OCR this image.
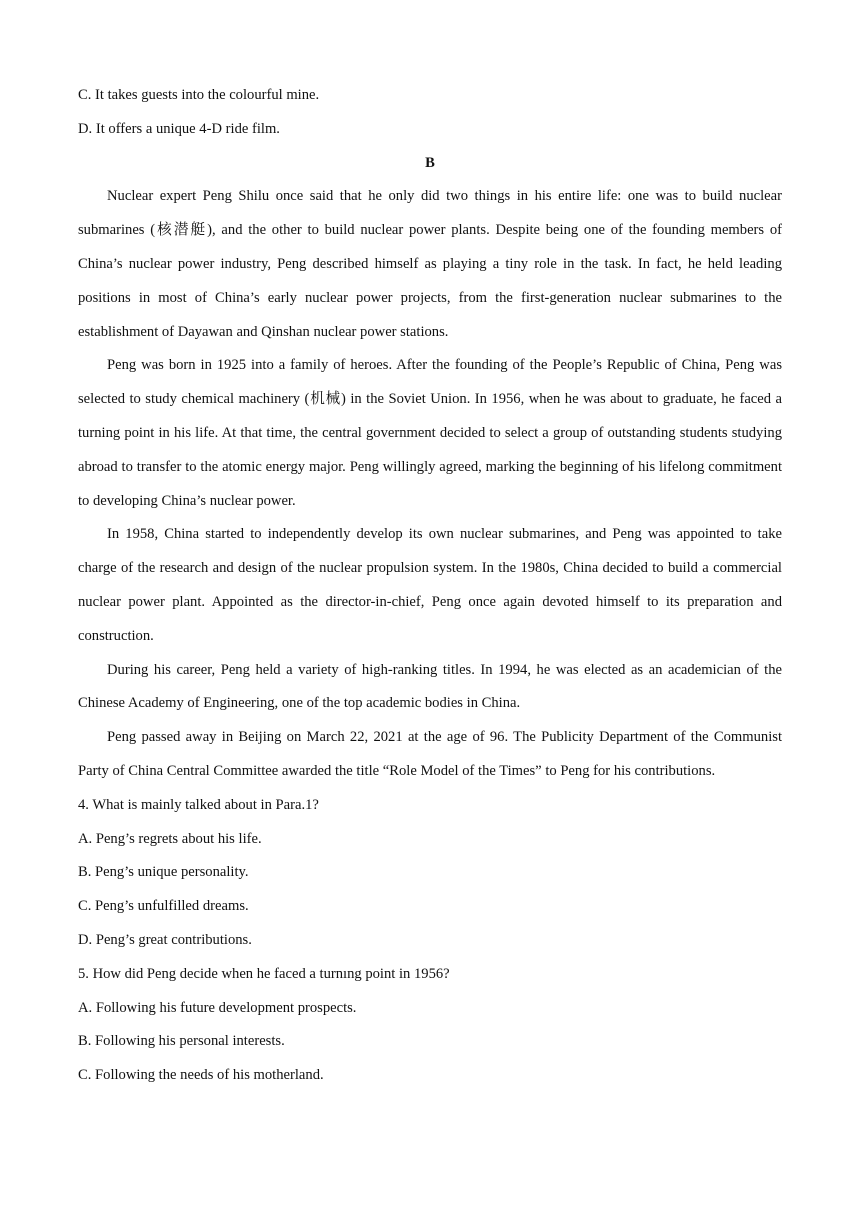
C. It takes guests into the colourful mine.

D. It offers a unique 4-D ride film.

B

Nuclear expert Peng Shilu once said that he only did two things in his entire life: one was to build nuclear submarines (核潜艇), and the other to build nuclear power plants. Despite being one of the founding members of China’s nuclear power industry, Peng described himself as playing a tiny role in the task. In fact, he held leading positions in most of China’s early nuclear power projects, from the first-generation nuclear submarines to the establishment of Dayawan and Qinshan nuclear power stations.

Peng was born in 1925 into a family of heroes. After the founding of the People’s Republic of China, Peng was selected to study chemical machinery (机械) in the Soviet Union. In 1956, when he was about to graduate, he faced a turning point in his life. At that time, the central government decided to select a group of outstanding students studying abroad to transfer to the atomic energy major. Peng willingly agreed, marking the beginning of his lifelong commitment to developing China’s nuclear power.

In 1958, China started to independently develop its own nuclear submarines, and Peng was appointed to take charge of the research and design of the nuclear propulsion system. In the 1980s, China decided to build a commercial nuclear power plant. Appointed as the director-in-chief, Peng once again devoted himself to its preparation and construction.

During his career, Peng held a variety of high-ranking titles. In 1994, he was elected as an academician of the Chinese Academy of Engineering, one of the top academic bodies in China.

Peng passed away in Beijing on March 22, 2021 at the age of 96. The Publicity Department of the Communist Party of China Central Committee awarded the title “Role Model of the Times” to Peng for his contributions.

4. What is mainly talked about in Para.1?

A. Peng’s regrets about his life.

B. Peng’s unique personality.

C. Peng’s unfulfilled dreams.

D. Peng’s great contributions.

5. How did Peng decide when he faced a turnıng point in 1956?

A. Following his future development prospects.

B. Following his personal interests.

C. Following the needs of his motherland.
